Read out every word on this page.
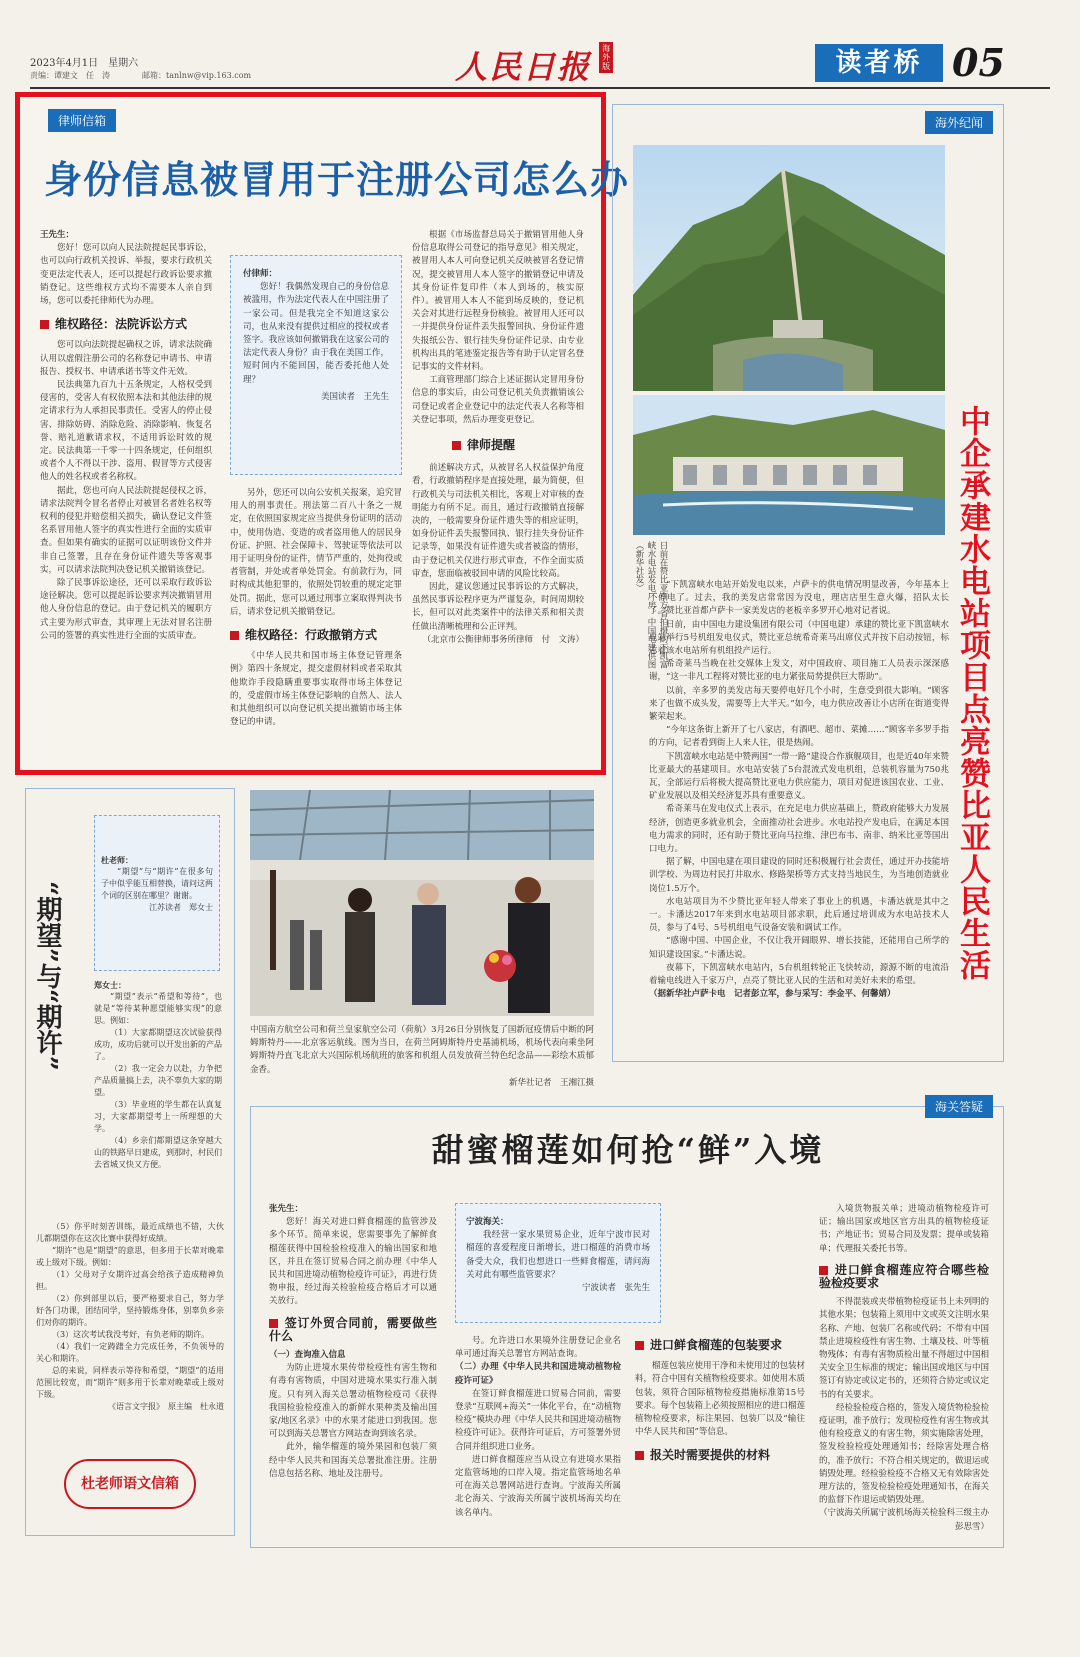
2023年4月1日　星期六
责编：谭建文　任　涛　　　　邮箱：tanlnw@vip.163.com	人民日报 海外版	读者桥 05
律师信箱
身份信息被冒用于注册公司怎么办
王先生：
您好！您可以向人民法院提起民事诉讼，也可以向行政机关投诉、举报，要求行政机关变更法定代表人，还可以提起行政诉讼要求撤销登记。这些维权方式均不需要本人亲自到场，您可以委托律师代为办理。
维权路径：法院诉讼方式
您可以向法院提起确权之诉，请求法院确认用以虚假注册公司的名称登记申请书、申请报告、授权书、申请承诺书等文件无效。
民法典第九百九十五条规定，人格权受到侵害的，受害人有权依照本法和其他法律的规定请求行为人承担民事责任。受害人的停止侵害、排除妨碍、消除危险、消除影响、恢复名誉、赔礼道歉请求权，不适用诉讼时效的规定。民法典第一千零一十四条规定，任何组织或者个人不得以干涉、盗用、假冒等方式侵害他人的姓名权或者名称权。
据此，您也可向人民法院提起侵权之诉，请求法院判令冒名者停止对被冒名者姓名权等权利的侵犯并赔偿相关损失，确认登记文件签名系冒用他人签字的真实性进行全面的实质审查。但如果有确实的证据可以证明该份文件并非自己签署，且存在身份证件遗失等客观事实，可以请求法院判决登记机关撤销该登记。
除了民事诉讼途径，还可以采取行政诉讼途径解决。您可以提起诉讼要求判决撤销冒用他人身份信息的登记。由于登记机关的履职方式主要为形式审查，其审理上无法对冒名注册公司的签署的真实性进行全面的实质审查。
付律师：
您好！我偶然发现自己的身份信息被滥用，作为法定代表人在中国注册了一家公司。但是我完全不知道这家公司，也从来没有提供过相应的授权或者签字。我应该如何撤销我在这家公司的法定代表人身份？由于我在美国工作，短时间内不能回国，能否委托他人处理？
美国读者　王先生
另外，您还可以向公安机关报案，追究冒用人的刑事责任。刑法第二百八十条之一规定，在依照国家规定应当提供身份证明的活动中，使用伪造、变造的或者盗用他人的居民身份证、护照、社会保障卡、驾驶证等依法可以用于证明身份的证件，情节严重的，处拘役或者管制，并处或者单处罚金。有前款行为，同时构成其他犯罪的，依照处罚较重的规定定罪处罚。据此，您可以通过刑事立案取得判决书后，请求登记机关撤销登记。
维权路径：行政撤销方式
《中华人民共和国市场主体登记管理条例》第四十条规定，提交虚假材料或者采取其他欺诈手段隐瞒重要事实取得市场主体登记的，受虚假市场主体登记影响的自然人、法人和其他组织可以向登记机关提出撤销市场主体登记的申请。
根据《市场监督总局关于撤销冒用他人身份信息取得公司登记的指导意见》相关规定，被冒用人本人可向登记机关反映被冒名登记情况，提交被冒用人本人签字的撤销登记申请及其身份证件复印件（本人到场的，核实原件）。被冒用人本人不能到场反映的，登记机关会对其进行远程身份核验。被冒用人还可以一并提供身份证件丢失报警回执、身份证件遗失报纸公告、银行挂失身份证件记录、由专业机构出具的笔迹鉴定报告等有助于认定冒名登记事实的文件材料。
工商管理部门综合上述证据认定冒用身份信息的事实后，由公司登记机关负责撤销该公司登记或者企业登记中的法定代表人名称等相关登记事项，然后办理变更登记。
律师提醒
前述解决方式，从被冒名人权益保护角度看，行政撤销程序是直接处理，最为简便，但行政机关与司法机关相比，客观上对审核的查明能力有所不足。而且，通过行政撤销直接解决的，一般需要身份证件遗失等的相应证明，如身份证件丢失报警回执、银行挂失身份证件记录等，如果没有证件遗失或者被盗的情形，由于登记机关仅进行形式审查，不作全面实质审查，您面临被驳回申请的风险比较高。
因此，建议您通过民事诉讼的方式解决，虽然民事诉讼程序更为严谨复杂，时间周期较长，但可以对此类案件中的法律关系和相关责任做出清晰梳理和公正评判。
（北京市公衡律师事务所律师　付　文涛）
海外纪闻
日前在赞比亚南方省拍摄的下凯富峡水电站发电厂房。中国电建供图（新华社发）	中企承建水电站项目点亮赞比亚人民生活
“下凯富峡水电站开始发电以来，卢萨卡的供电情况明显改善，今年基本上不停电了。过去，我的美发店常常因为没电，理店店里生意火爆，招队太长了。”赞比亚首都卢萨卡一家美发店的老板辛多罗开心地对记者说。
日前，由中国电力建设集团有限公司（中国电建）承建的赞比亚下凯富峡水电站举行5号机组发电仪式，赞比亚总统希奇莱马出席仪式并按下启动按钮，标志着该水电站所有机组投产运行。
希奇莱马当晚在社交媒体上发文，对中国政府、项目施工人员表示深深感谢，“这一非凡工程将对赞比亚的电力紧张局势提供巨大帮助”。
以前，辛多罗的美发店每天要停电好几个小时，生意受到很大影响。“顾客来了也做不成头发，需要等上大半天。”如今，电力供应改善让小店所在街道变得繁荣起来。
“今年这条街上新开了七八家店，有酒吧、超市、菜摊……”顾客辛多罗手指的方向，记者看到街上人来人往，很是热闹。
下凯富峡水电站是中赞两国“一带一路”建设合作旗舰项目，也是近40年来赞比亚最大的基建项目。水电站安装了5台混流式发电机组，总装机容量为750兆瓦，全部运行后将极大提高赞比亚电力供应能力，项目对促进该国农业、工业、矿业发展以及相关经济复苏具有重要意义。
希奇莱马在发电仪式上表示，在充足电力供应基础上，赞政府能够大力发展经济，创造更多就业机会，全面推动社会进步。水电站投产发电后，在满足本国电力需求的同时，还有助于赞比亚向马拉维、津巴布韦、南非、纳米比亚等国出口电力。
据了解，中国电建在项目建设的同时还积极履行社会责任，通过开办技能培训学校、为周边村民打井取水、修路架桥等方式支持当地民生，为当地创造就业岗位1.5万个。
水电站项目为不少赞比亚年轻人带来了事业上的机遇，卡潘达就是其中之一。卡潘达2017年来到水电站项目部求职，此后通过培训成为水电站技术人员，参与了4号、5号机组电气设备安装和调试工作。
“感谢中国、中国企业，不仅让我开阔眼界、增长技能，还能用自己所学的知识建设国家。”卡潘达说。
夜幕下，下凯富峡水电站内，5台机组转轮正飞快转动，源源不断的电流沿着输电线进入千家万户，点亮了赞比亚人民的生活和对美好未来的希望。
（据新华社卢萨卡电　记者彭立军，参与采写：李金平、何馨婧）
中国南方航空公司和荷兰皇家航空公司（荷航）3月26日分别恢复了国新冠疫情后中断的阿姆斯特丹——北京客运航线。图为当日，在荷兰阿姆斯特丹史基浦机场，机场代表向乘坐阿姆斯特丹直飞北京大兴国际机场航班的旅客和机组人员发放荷兰特色纪念品——彩绘木质郁金香。
新华社记者　王湘江摄
“期望”与“期许”
杜老师：
“期望”与“期许”在很多句子中似乎能互相替换，请问这两个词的区别在哪里？谢谢。
江苏读者　郑女士
郑女士：
“期望”表示“希望和等待”，也就是“等待某种愿望能够实现”的意思。例如：
（1）大家都期望这次试验获得成功，成功后就可以开发出新的产品了。
（2）我一定会力以赴，力争把产品质量搞上去，决不辜负大家的期望。
（3）毕业班的学生都在认真复习，大家都期望考上一所理想的大学。
（4）乡亲们都期望这条穿越大山的铁路早日建成，到那时，村民们去省城又快又方便。
（5）你平时刻苦训练，最近成绩也不错，大伙儿都期望你在这次比赛中获得好成绩。
“期许”也是“期望”的意思，但多用于长辈对晚辈或上级对下级。例如：
（1）父母对子女期许过高会给孩子造成精神负担。
（2）你到部里以后，要严格要求自己，努力学好各门功课，团结同学，坚持锻炼身体，别辜负乡亲们对你的期许。
（3）这次考试我没考好，有负老师的期许。
（4）我们一定踌躇全力完成任务，不负领导的关心和期许。
总的来说，同样表示等待和希望，“期望”的适用范围比较宽，而“期许”则多用于长辈对晚辈或上级对下级。
《语言文字报》　原主编　杜永道
杜老师语文信箱
海关答疑
甜蜜榴莲如何抢“鲜”入境
张先生：
您好！海关对进口鲜食榴莲的监管涉及多个环节。简单来说，您需要事先了解鲜食榴莲获得中国检验检疫准入的输出国家和地区，并且在签订贸易合同之前办理《中华人民共和国进境动植物检疫许可证》，再进行货物申报，经过海关检验检疫合格后才可以通关放行。
签订外贸合同前，需要做些什么
（一）查询准入信息
为防止进境水果传带检疫性有害生物和有毒有害物质，中国对进境水果实行准入制度。只有列入海关总署动植物检疫司《获得我国检验检疫准入的新鲜水果种类及输出国家/地区名录》中的水果才能进口到我国。您可以到海关总署官方网站查询到该名录。
此外，输华榴莲的境外果园和包装厂须经中华人民共和国海关总署批准注册。注册信息包括名称、地址及注册号。
宁波海关：
我经营一家水果贸易企业，近年宁波市民对榴莲的喜爱程度日渐增长，进口榴莲的消费市场备受大众，我们也想进口一些鲜食榴莲，请问海关对此有哪些监管要求？
宁波读者　张先生
号。允许进口水果境外注册登记企业名单可通过海关总署官方网站查询。
（二）办理《中华人民共和国进境动植物检疫许可证》
在签订鲜食榴莲进口贸易合同前，需要登录“互联网+海关”一体化平台，在“动植物检疫”模块办理《中华人民共和国进境动植物检疫许可证》。获得许可证后，方可签署外贸合同并组织进口业务。
进口鲜食榴莲应当从设立有进境水果指定监管场地的口岸入境。指定监管场地名单可在海关总署网站进行查询。宁波海关所属北仑海关、宁波海关所属宁波机场海关均在该名单内。
进口鲜食榴莲的包装要求
榴莲包装应使用干净和未使用过的包装材料，符合中国有关植物检疫要求。如使用木质包装，须符合国际植物检疫措施标准第15号要求。每个包装箱上必须按照相应的进口榴莲植物检疫要求，标注果园、包装厂以及“输往中华人民共和国”等信息。
报关时需要提供的材料
入境货物报关单；进境动植物检疫许可证；输出国家或地区官方出具的植物检疫证书；产地证书；贸易合同及发票；提单或装箱单；代理报关委托书等。
进口鲜食榴莲应符合哪些检验检疫要求
不得混装或夹带植物检疫证书上未列明的其他水果；包装箱上须用中文或英文注明水果名称、产地、包装厂名称或代码；不带有中国禁止进境检疫性有害生物、土壤及枝、叶等植物残体；有毒有害物质检出量不得超过中国相关安全卫生标准的规定；输出国或地区与中国签订有协定或议定书的，还须符合协定或议定书的有关要求。
经检验检疫合格的，签发入境货物检验检疫证明，准予放行；发现检疫性有害生物或其他有检疫意义的有害生物，须实施除害处理，签发检验检疫处理通知书；经除害处理合格的，准予放行；不符合相关规定的，做退运或销毁处理。经检验检疫不合格又无有效除害处理方法的，签发检验检疫处理通知书，在海关的监督下作退运或销毁处理。
（宁波海关所属宁波机场海关检验科三级主办　彭思雪）
